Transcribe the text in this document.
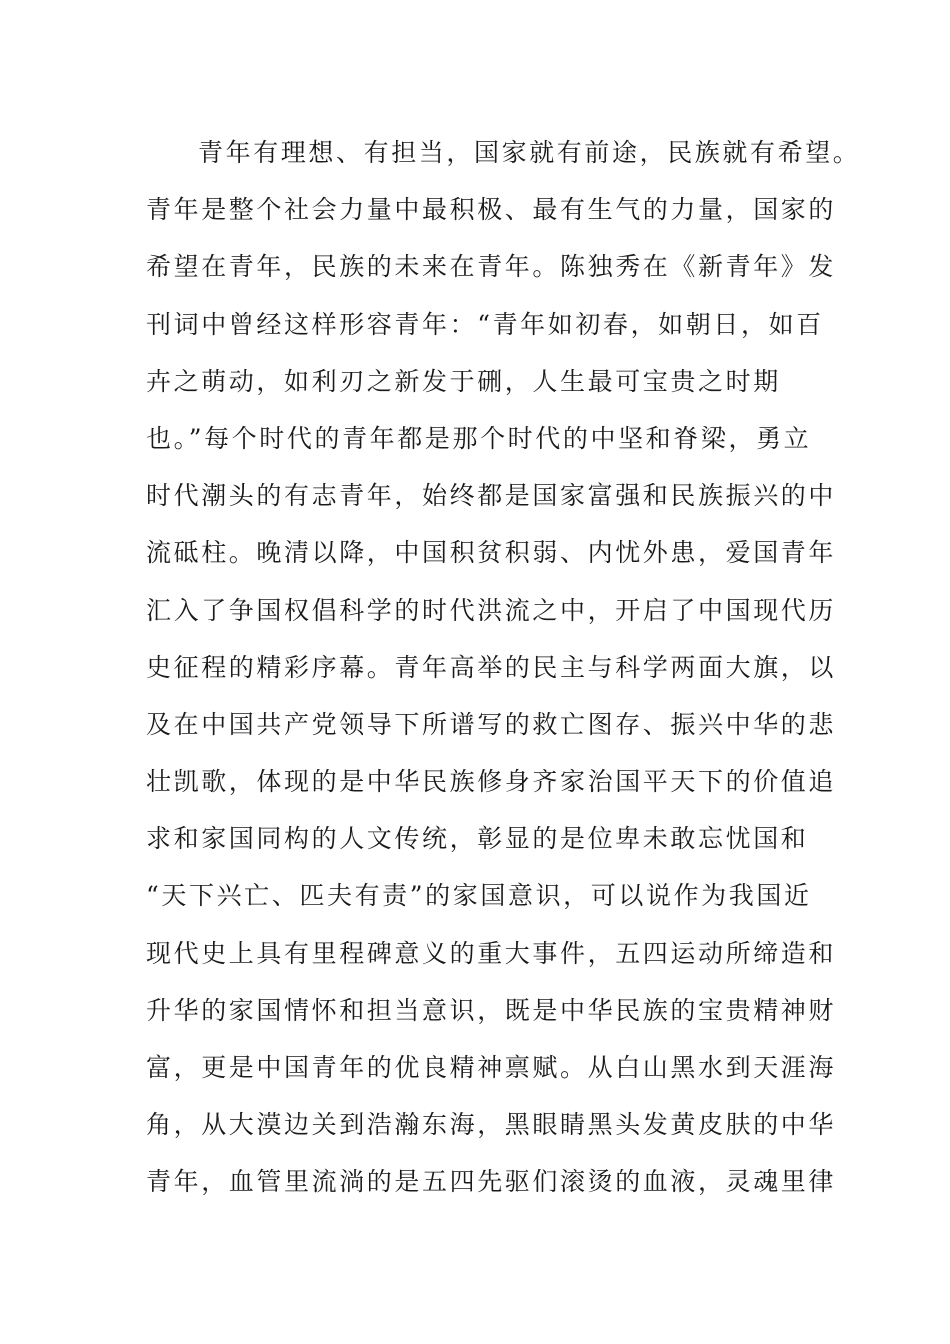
青年有理想、有担当，国家就有前途，民族就有希望。
青年是整个社会力量中最积极、最有生气的力量，国家的
希望在青年，民族的未来在青年。陈独秀在《新青年》发
刊词中曾经这样形容青年：“青年如初春，如朝日，如百
卉之萌动，如利刃之新发于硎，人生最可宝贵之时期
也。”每个时代的青年都是那个时代的中坚和脊梁，勇立
时代潮头的有志青年，始终都是国家富强和民族振兴的中
流砥柱。晚清以降，中国积贫积弱、内忧外患，爱国青年
汇入了争国权倡科学的时代洪流之中，开启了中国现代历
史征程的精彩序幕。青年高举的民主与科学两面大旗，以
及在中国共产党领导下所谱写的救亡图存、振兴中华的悲
壮凯歌，体现的是中华民族修身齐家治国平天下的价值追
求和家国同构的人文传统，彰显的是位卑未敢忘忧国和
“天下兴亡、匹夫有责”的家国意识，可以说作为我国近
现代史上具有里程碑意义的重大事件，五四运动所缔造和
升华的家国情怀和担当意识，既是中华民族的宝贵精神财
富，更是中国青年的优良精神禀赋。从白山黑水到天涯海
角，从大漠边关到浩瀚东海，黑眼睛黑头发黄皮肤的中华
青年，血管里流淌的是五四先驱们滚烫的血液，灵魂里律
